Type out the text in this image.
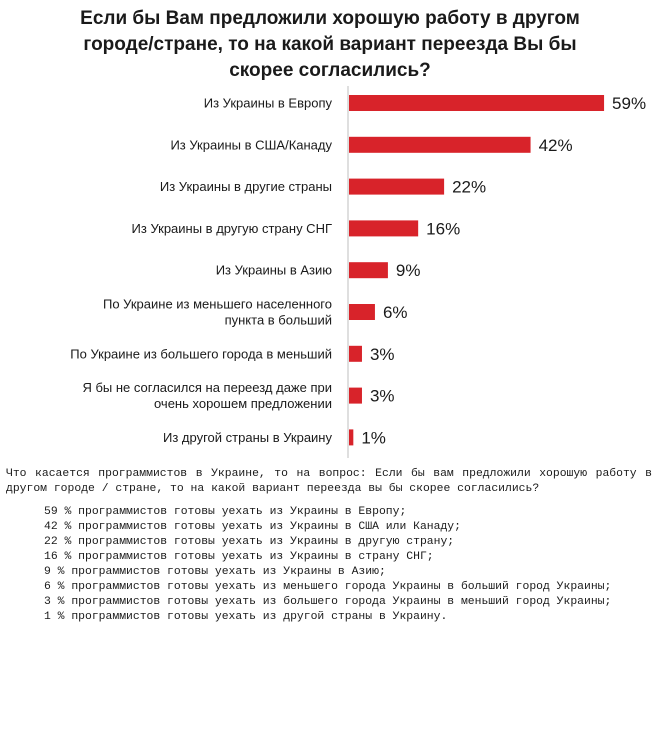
Если бы Вам предложили хорошую работу в другом городе/стране, то на какой вариант переезда Вы бы скорее согласились?
59%
Из Украины в Европу
42%
Из Украины в США/Канаду
22%
Из Украины в другие страны
16%
Из Украины в другую страну СНГ
9%
Из Украины в Азию
6%
По Украине из меньшего населенного
пункта в больший
3%
По Украине из большего города в меньший
3%
Я бы не согласился на переезд даже при
очень хорошем предложении
1%
Из другой страны в Украину

Что касается программистов в Украине, то на вопрос: Если бы вам предложили хорошую работу в другом городе / стране, то на какой вариант переезда вы бы скорее согласились?

59 % программистов готовы уехать из Украины в Европу;
42 % программистов готовы уехать из Украины в США или Канаду;
22 % программистов готовы уехать из Украины в другую страну;
16 % программистов готовы уехать из Украины в страну СНГ;
9 % программистов готовы уехать из Украины в Азию;
6 % программистов готовы уехать из меньшего города Украины в больший город Украины;
3 % программистов готовы уехать из большего города Украины в меньший город Украины;
1 % программистов готовы уехать из другой страны в Украину.
